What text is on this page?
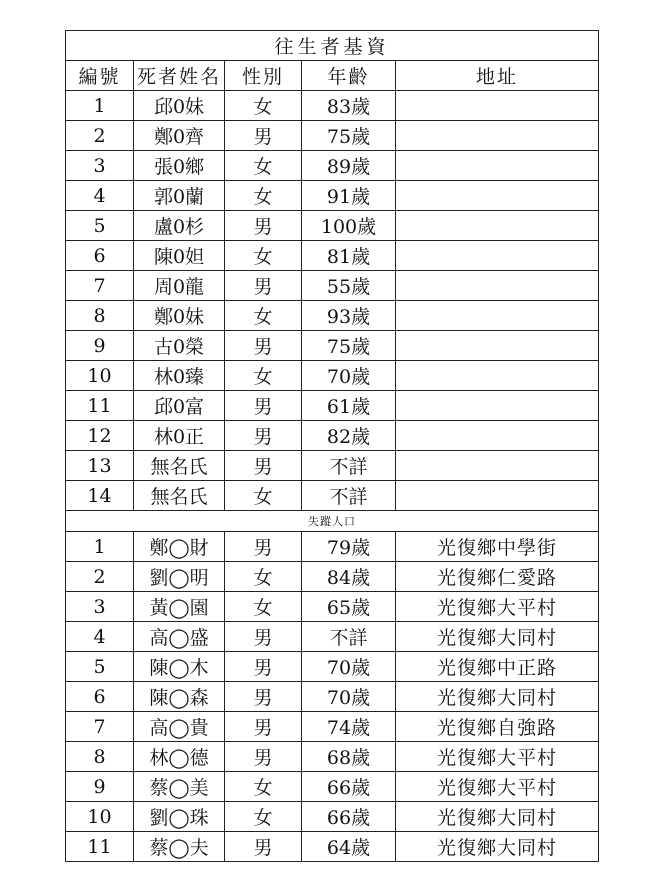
往生者基資				
編號	死者姓名	性別	年齡	地址
1	邱0妹	女	83歲	
2	鄭0齊	男	75歲	
3	張0鄉	女	89歲	
4	郭0蘭	女	91歲	
5	盧0杉	男	100歲	
6	陳0妲	女	81歲	
7	周0龍	男	55歲	
8	鄭0妹	女	93歲	
9	古0榮	男	75歲	
10	林0臻	女	70歲	
11	邱0富	男	61歲	
12	林0正	男	82歲	
13	無名氏	男	不詳	
14	無名氏	女	不詳	
失蹤人口				
1	鄭◯財	男	79歲	光復鄉中學街
2	劉◯明	女	84歲	光復鄉仁愛路
3	黃◯園	女	65歲	光復鄉大平村
4	高◯盛	男	不詳	光復鄉大同村
5	陳◯木	男	70歲	光復鄉中正路
6	陳◯森	男	70歲	光復鄉大同村
7	高◯貴	男	74歲	光復鄉自強路
8	林◯德	男	68歲	光復鄉大平村
9	蔡◯美	女	66歲	光復鄉大平村
10	劉◯珠	女	66歲	光復鄉大同村
11	蔡◯夫	男	64歲	光復鄉大同村
